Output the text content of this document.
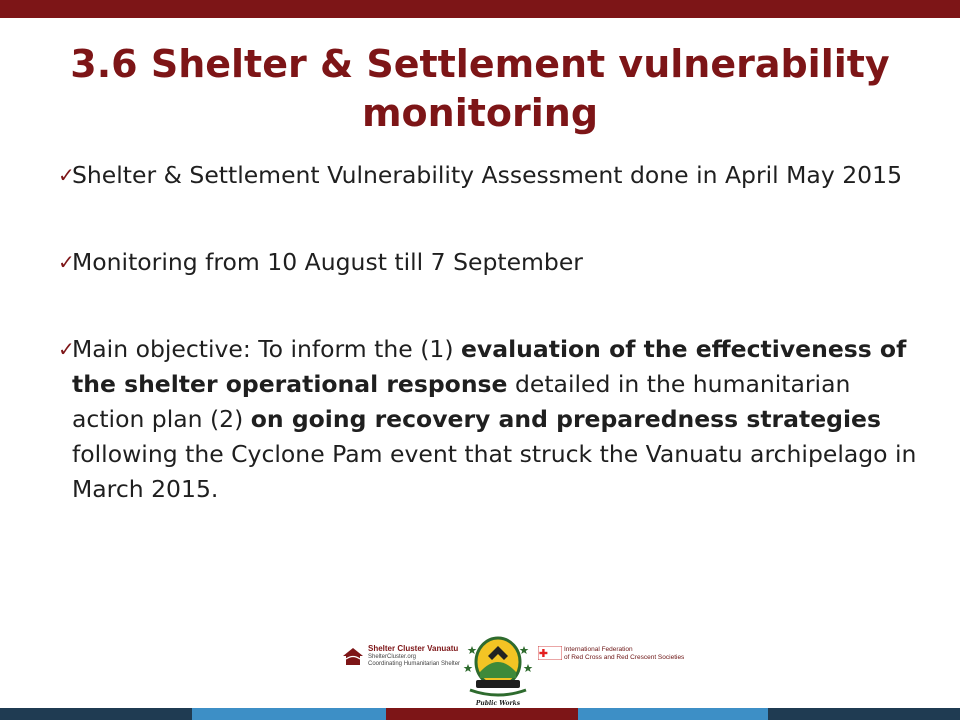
3.6 Shelter & Settlement vulnerability
monitoring
✓
Shelter & Settlement Vulnerability Assessment done in April May 2015
✓
Monitoring from 10 August till 7 September
✓
Main objective: To inform the (1) evaluation of the effectiveness of the shelter operational response detailed in the humanitarian action plan (2) on going recovery and preparedness strategies following the Cyclone Pam event that struck the Vanuatu archipelago in March 2015.
Shelter Cluster Vanuatu
ShelterCluster.org
Coordinating Humanitarian Shelter
Public Works
International Federation
of Red Cross and Red Crescent Societies
